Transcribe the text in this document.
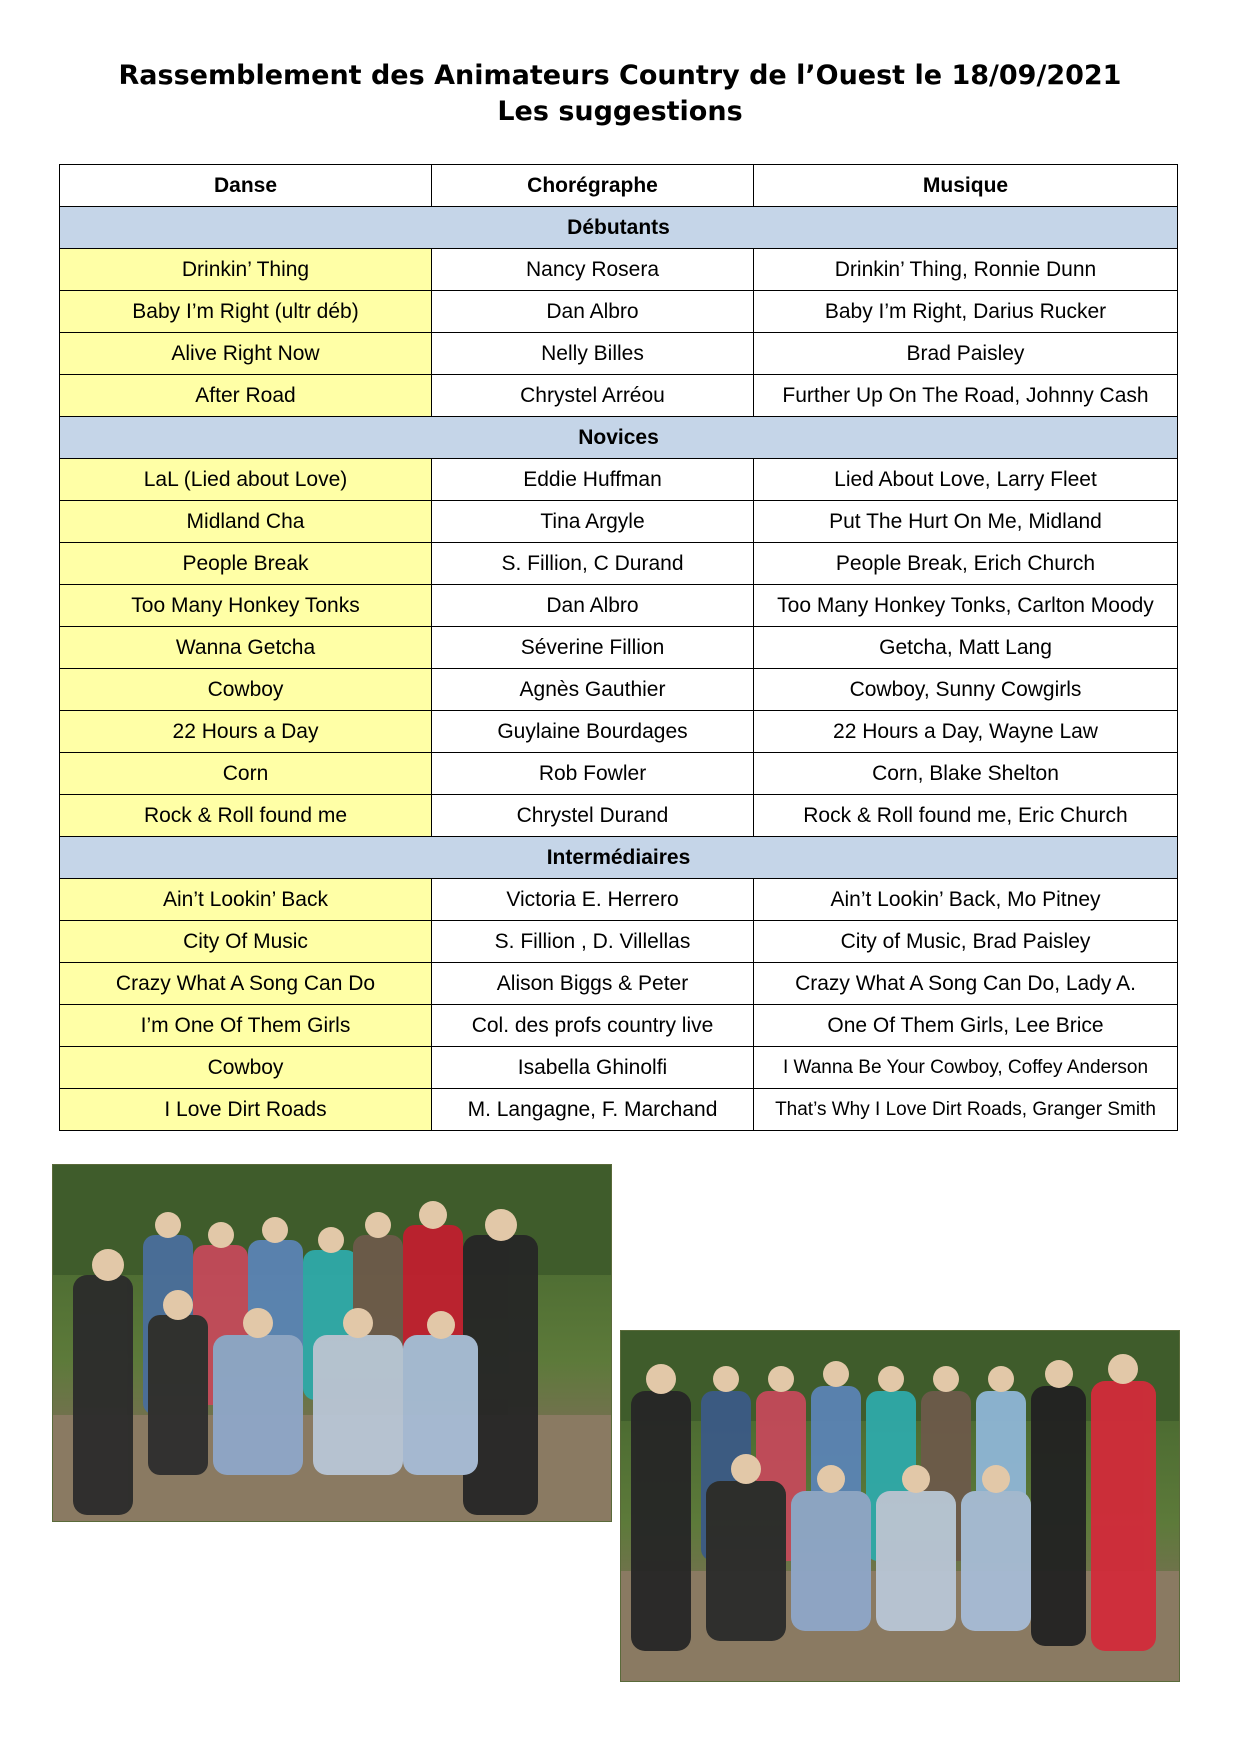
Rassemblement des Animateurs Country de l’Ouest le 18/09/2021
Les suggestions
Danse	Chorégraphe	Musique
Débutants		
Drinkin’ Thing	Nancy Rosera	Drinkin’ Thing, Ronnie Dunn
Baby I’m Right (ultr déb)	Dan Albro	Baby I’m Right, Darius Rucker
Alive Right Now	Nelly Billes	Brad Paisley
After Road	Chrystel Arréou	Further Up On The Road, Johnny Cash
Novices		
LaL (Lied about Love)	Eddie Huffman	Lied About Love, Larry Fleet
Midland Cha	Tina Argyle	Put The Hurt On Me, Midland
People Break	S. Fillion, C Durand	People Break, Erich Church
Too Many Honkey Tonks	Dan Albro	Too Many Honkey Tonks, Carlton Moody
Wanna Getcha	Séverine Fillion	Getcha, Matt Lang
Cowboy	Agnès Gauthier	Cowboy, Sunny Cowgirls
22 Hours a Day	Guylaine Bourdages	22 Hours a Day, Wayne Law
Corn	Rob Fowler	Corn, Blake Shelton
Rock & Roll found me	Chrystel Durand	Rock & Roll found me, Eric Church
Intermédiaires		
Ain’t Lookin’ Back	Victoria E. Herrero	Ain’t Lookin’ Back, Mo Pitney
City Of Music	S. Fillion , D. Villellas	City of Music, Brad Paisley
Crazy What A Song Can Do	Alison Biggs & Peter	Crazy What A Song Can Do, Lady A.
I’m One Of Them Girls	Col. des profs country live	One Of Them Girls, Lee Brice
Cowboy	Isabella Ghinolfi	I Wanna Be Your Cowboy, Coffey Anderson
I Love Dirt Roads	M. Langagne, F. Marchand	That’s Why I Love Dirt Roads, Granger Smith
